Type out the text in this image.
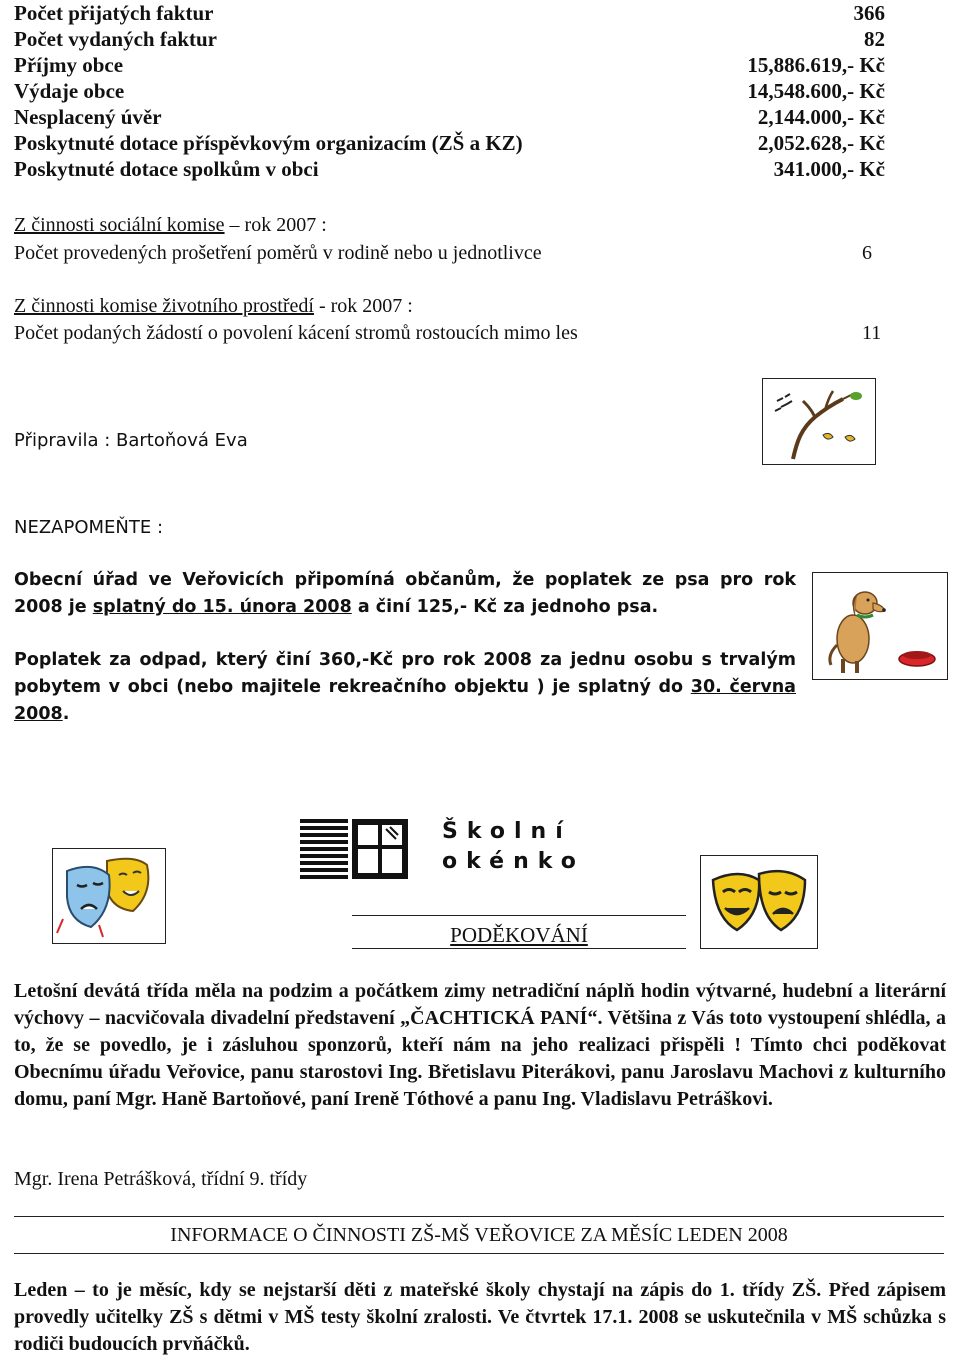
Počet přijatých faktur	366
Počet vydaných faktur	82
Příjmy obce	15,886.619,- Kč
Výdaje obce	14,548.600,- Kč
Nesplacený úvěr	2,144.000,- Kč
Poskytnuté dotace příspěvkovým organizacím (ZŠ a KZ)	2,052.628,- Kč
Poskytnuté dotace spolkům v obci	341.000,- Kč
Z činnosti sociální komise – rok 2007 :
Počet provedených prošetření poměrů v rodině nebo u jednotlivce	6
Z činnosti komise životního prostředí - rok 2007 :
Počet podaných žádostí o povolení kácení stromů rostoucích mimo les	11
Připravila : Bartoňová Eva
NEZAPOMEŇTE :
Obecní úřad ve Veřovicích připomíná občanům, že poplatek ze psa pro rok 2008 je splatný do 15. února 2008 a činí 125,- Kč za jednoho psa.
Poplatek za odpad, který činí 360,-Kč pro rok 2008 za jednu osobu s trvalým pobytem v obci (nebo majitele rekreačního objektu ) je splatný do 30. června 2008.
Školní
okénko
PODĚKOVÁNÍ
Letošní devátá třída měla na podzim a počátkem zimy netradiční náplň hodin výtvarné, hudební a literární výchovy – nacvičovala divadelní představení „ČACHTICKÁ PANÍ“. Většina z Vás toto vystoupení shlédla, a to, že se povedlo, je i zásluhou sponzorů, kteří nám na jeho realizaci přispěli ! Tímto chci poděkovat Obecnímu úřadu Veřovice, panu starostovi Ing. Břetislavu Piterákovi, panu Jaroslavu Machovi z kulturního domu, paní Mgr. Haně Bartoňové, paní Ireně Tóthové a panu Ing. Vladislavu Petráškovi.
Mgr. Irena Petrášková, třídní 9. třídy
INFORMACE O ČINNOSTI ZŠ-MŠ VEŘOVICE ZA MĚSÍC LEDEN 2008
Leden – to je měsíc, kdy se nejstarší děti z mateřské školy chystají na zápis do 1. třídy ZŠ. Před zápisem provedly učitelky ZŠ s dětmi v MŠ testy školní zralosti. Ve čtvrtek 17.1. 2008 se uskutečnila v MŠ schůzka s rodiči budoucích prvňáčků.
